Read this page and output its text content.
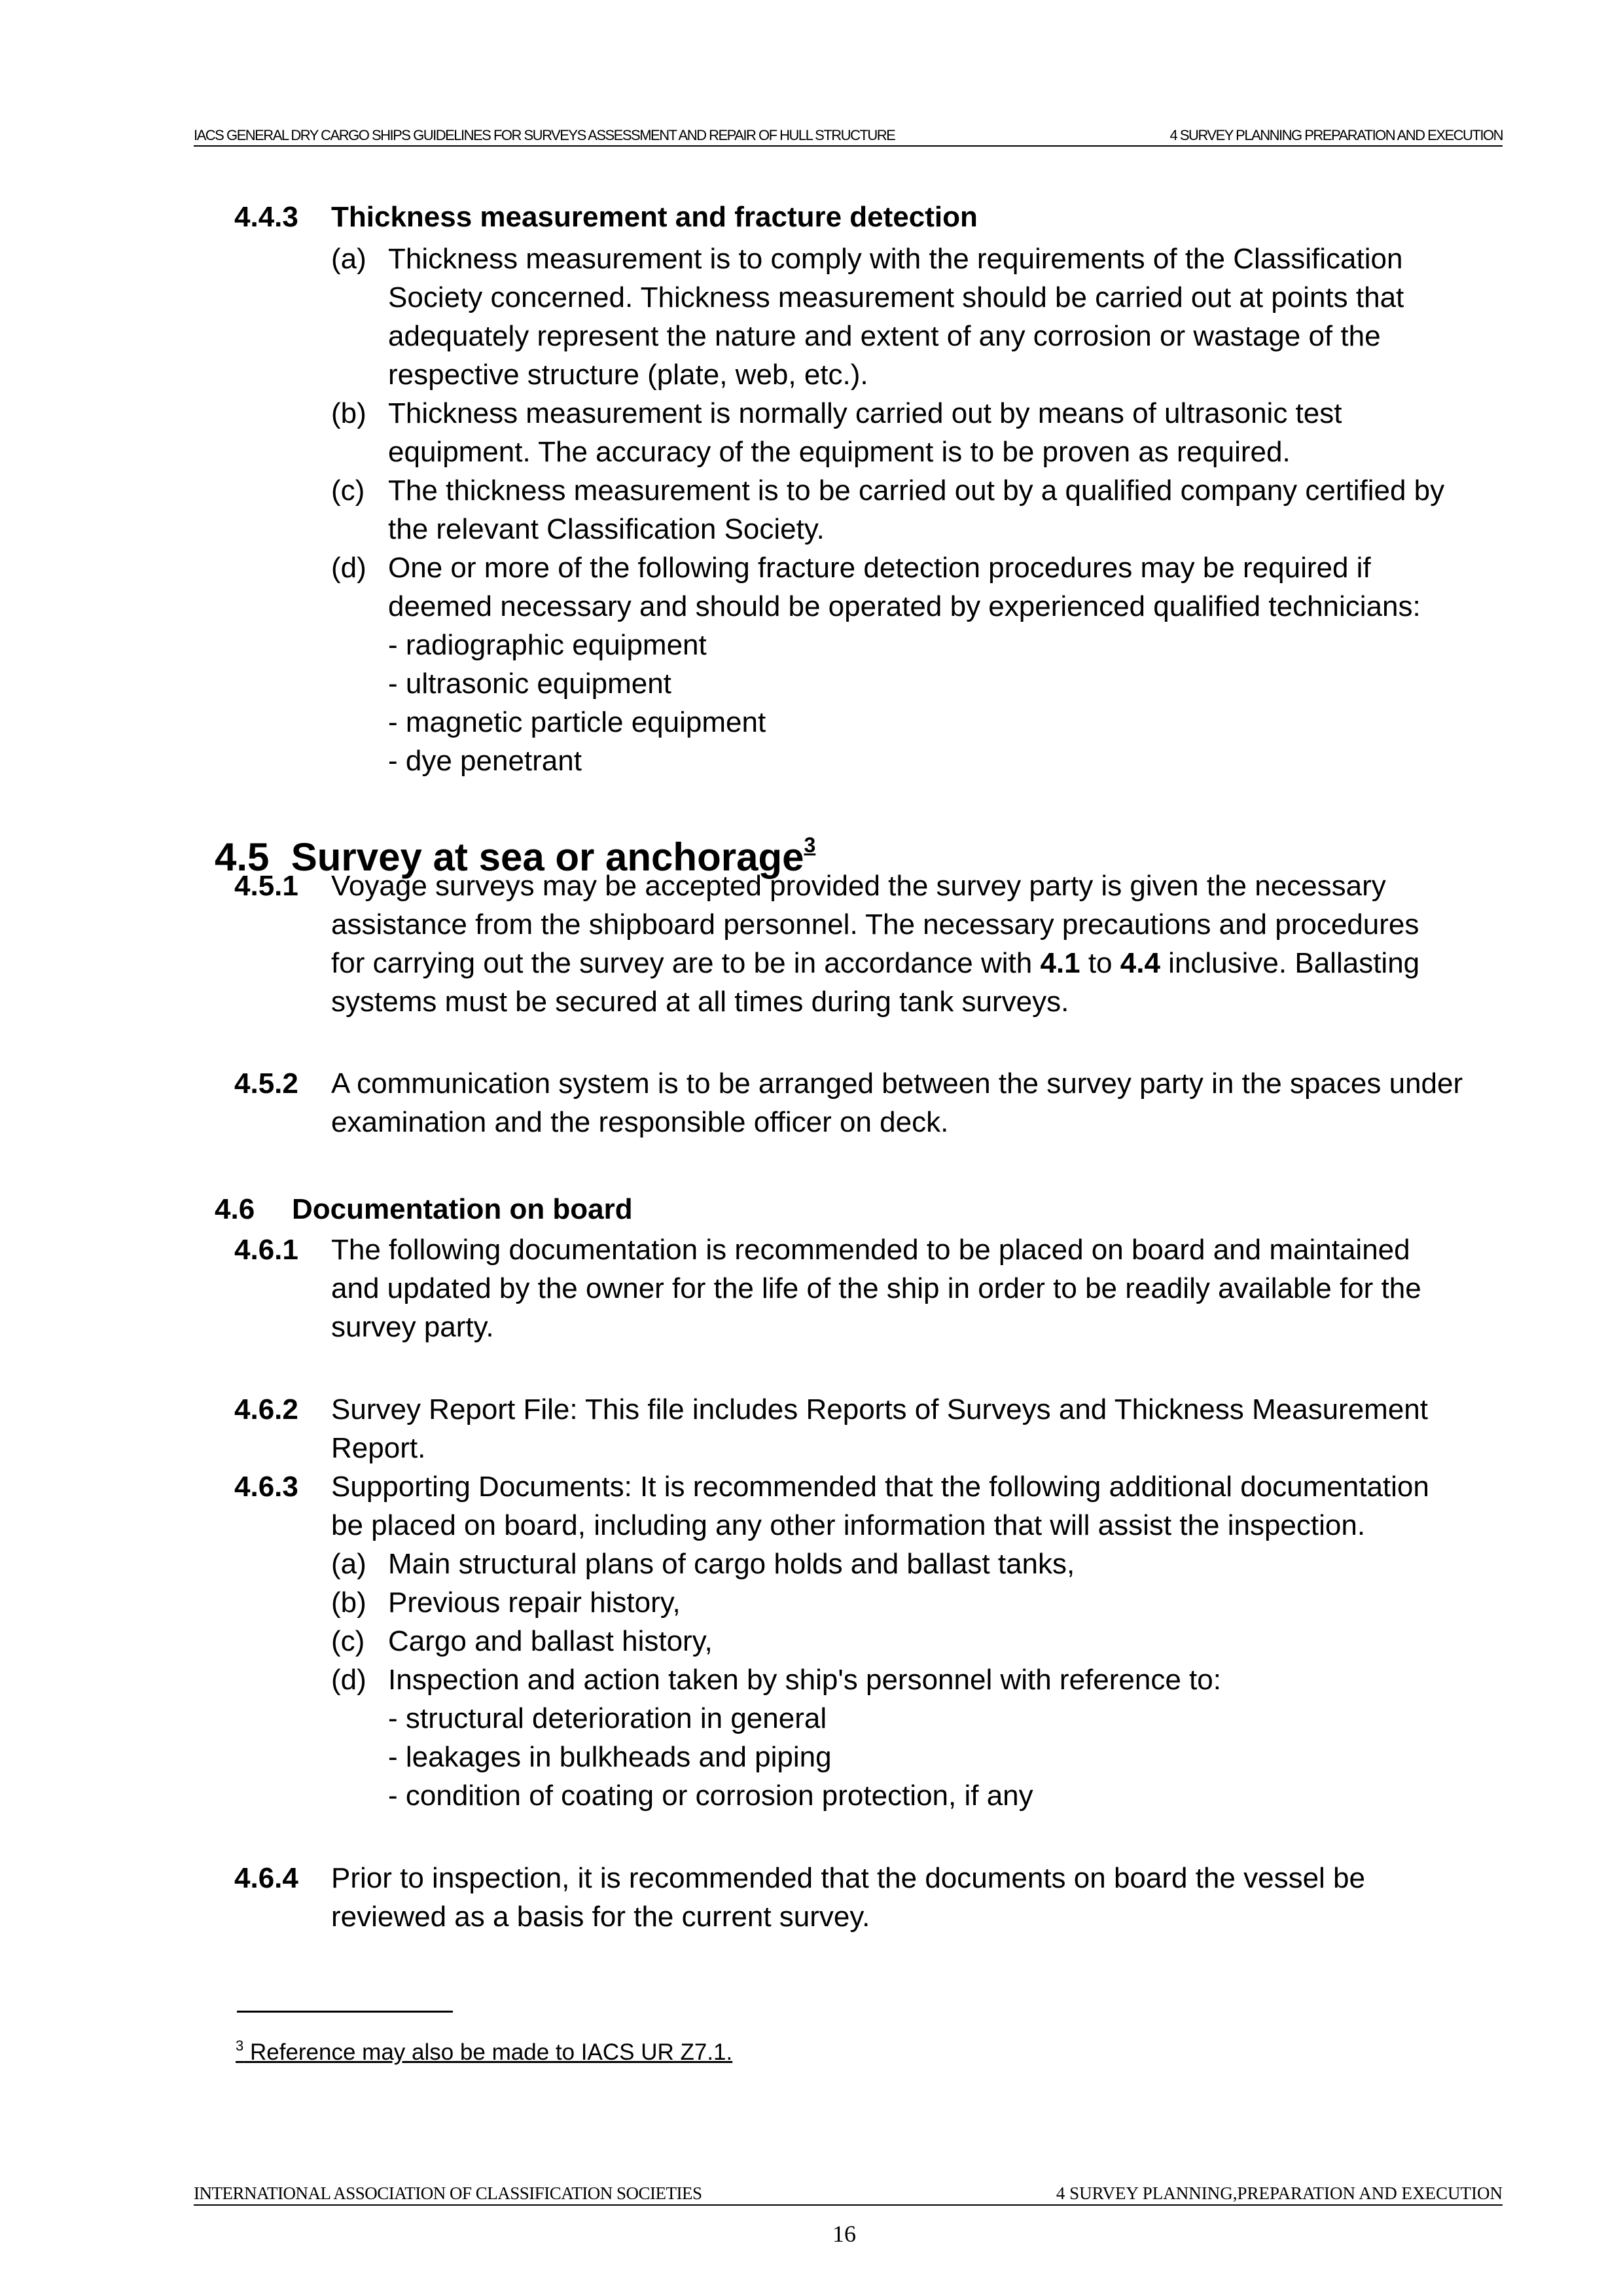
IACS GENERAL DRY CARGO SHIPS GUIDELINES FOR SURVEYS ASSESSMENT AND REPAIR OF HULL STRUCTURE	4 SURVEY PLANNING PREPARATION AND EXECUTION
4.4.3 Thickness measurement and fracture detection
(a) Thickness measurement is to comply with the requirements of the Classification
Society concerned. Thickness measurement should be carried out at points that
adequately represent the nature and extent of any corrosion or wastage of the
respective structure (plate, web, etc.).
(b) Thickness measurement is normally carried out by means of ultrasonic test
equipment. The accuracy of the equipment is to be proven as required.
(c) The thickness measurement is to be carried out by a qualified company certified by
the relevant Classification Society.
(d) One or more of the following fracture detection procedures may be required if
deemed necessary and should be operated by experienced qualified technicians:
- radiographic equipment
- ultrasonic equipment
- magnetic particle equipment
- dye penetrant
4.5 Survey at sea or anchorage$^3$
4.5.1 Voyage surveys may be accepted provided the survey party is given the necessary
assistance from the shipboard personnel. The necessary precautions and procedures
for carrying out the survey are to be in accordance with 4.1 to 4.4 inclusive. Ballasting
systems must be secured at all times during tank surveys.
4.5.2 A communication system is to be arranged between the survey party in the spaces under
examination and the responsible officer on deck.
4.6 Documentation on board
4.6.1 The following documentation is recommended to be placed on board and maintained
and updated by the owner for the life of the ship in order to be readily available for the
survey party.
4.6.2 Survey Report File: This file includes Reports of Surveys and Thickness Measurement
Report.
4.6.3 Supporting Documents: It is recommended that the following additional documentation
be placed on board, including any other information that will assist the inspection.
(a) Main structural plans of cargo holds and ballast tanks,
(b) Previous repair history,
(c) Cargo and ballast history,
(d) Inspection and action taken by ship's personnel with reference to:
- structural deterioration in general
- leakages in bulkheads and piping
- condition of coating or corrosion protection, if any
4.6.4 Prior to inspection, it is recommended that the documents on board the vessel be
reviewed as a basis for the current survey.
$^3$ Reference may also be made to IACS UR Z7.1.
INTERNATIONAL ASSOCIATION OF CLASSIFICATION SOCIETIES	4 SURVEY PLANNING,PREPARATION AND EXECUTION
16
